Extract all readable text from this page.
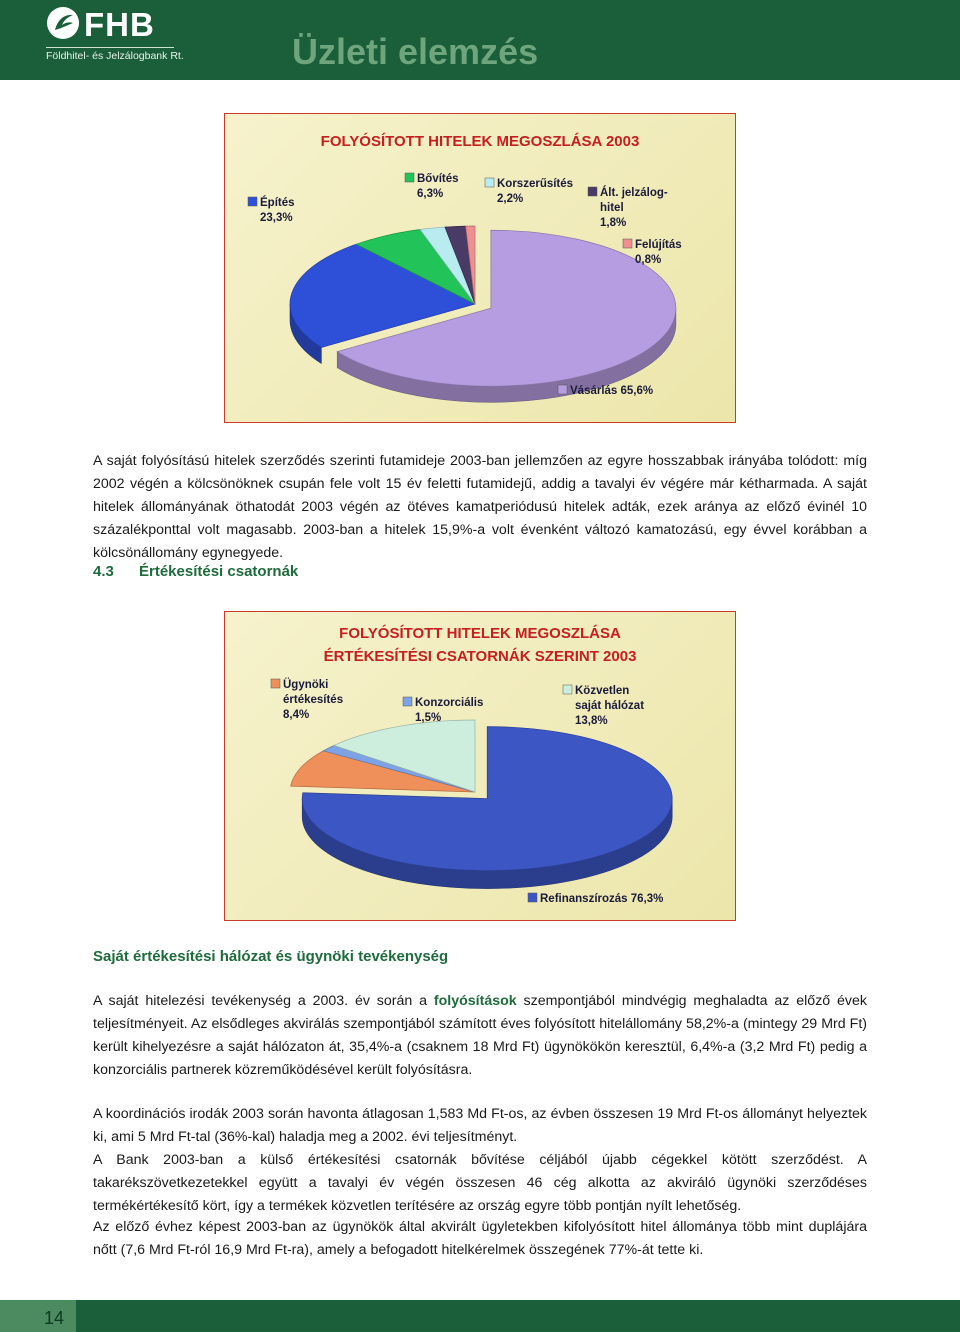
FHB
Földhitel- és Jelzálogbank Rt.	Üzleti elemzés
FOLYÓSÍTOTT HITELEK MEGOSZLÁSA 2003
Vásárlás 65,6%
Építés
23,3%
Bővítés
6,3%
Korszerűsítés
2,2%	Ált. jelzálog-
hitel
1,8%
Felújítás
0,8%

A saját folyósítású hitelek szerződés szerinti futamideje 2003-ban jellemzően az egyre hosszabbak irányába tolódott: míg 2002 végén a kölcsönöknek csupán fele volt 15 év feletti futamidejű, addig a tavalyi év végére már kétharmada. A saját hitelek állományának öthatodát 2003 végén az ötéves kamatperiódusú hitelek adták, ezek aránya az előző évinél 10 százalékponttal volt magasabb. 2003-ban a hitelek 15,9%-a volt évenként változó kamatozású, egy évvel korábban a kölcsönállomány egynegyede.

4.3 Értékesítési csatornák
FOLYÓSÍTOTT HITELEK MEGOSZLÁSA
ÉRTÉKESÍTÉSI CSATORNÁK SZERINT 2003
Refinanszírozás 76,3%
Ügynöki
értékesítés
8,4%
Konzorciális
1,5%
Közvetlen
saját hálózat
13,8%
Saját értékesítési hálózat és ügynöki tevékenység

A saját hitelezési tevékenység a 2003. év során a folyósítások szempontjából mindvégig meghaladta az előző évek teljesítményeit. Az elsődleges akvirálás szempontjából számított éves folyósított hitelállomány 58,2%-a (mintegy 29 Mrd Ft) került kihelyezésre a saját hálózaton át, 35,4%-a (csaknem 18 Mrd Ft) ügynökökön keresztül, 6,4%-a (3,2 Mrd Ft) pedig a konzorciális partnerek közreműködésével került folyósításra.

A koordinációs irodák 2003 során havonta átlagosan 1,583 Md Ft-os, az évben összesen 19 Mrd Ft-os állományt helyeztek ki, ami 5 Mrd Ft-tal (36%-kal) haladja meg a 2002. évi teljesítményt.

A Bank 2003-ban a külső értékesítési csatornák bővítése céljából újabb cégekkel kötött szerződést. A takarékszövetkezetekkel együtt a tavalyi év végén összesen 46 cég alkotta az akviráló ügynöki szerződéses termékértékesítő kört, így a termékek közvetlen terítésére az ország egyre több pontján nyílt lehetőség.

Az előző évhez képest 2003-ban az ügynökök által akvirált ügyletekben kifolyósított hitel állománya több mint duplájára nőtt (7,6 Mrd Ft-ról 16,9 Mrd Ft-ra), amely a befogadott hitelkérelmek összegének 77%-át tette ki.

14
